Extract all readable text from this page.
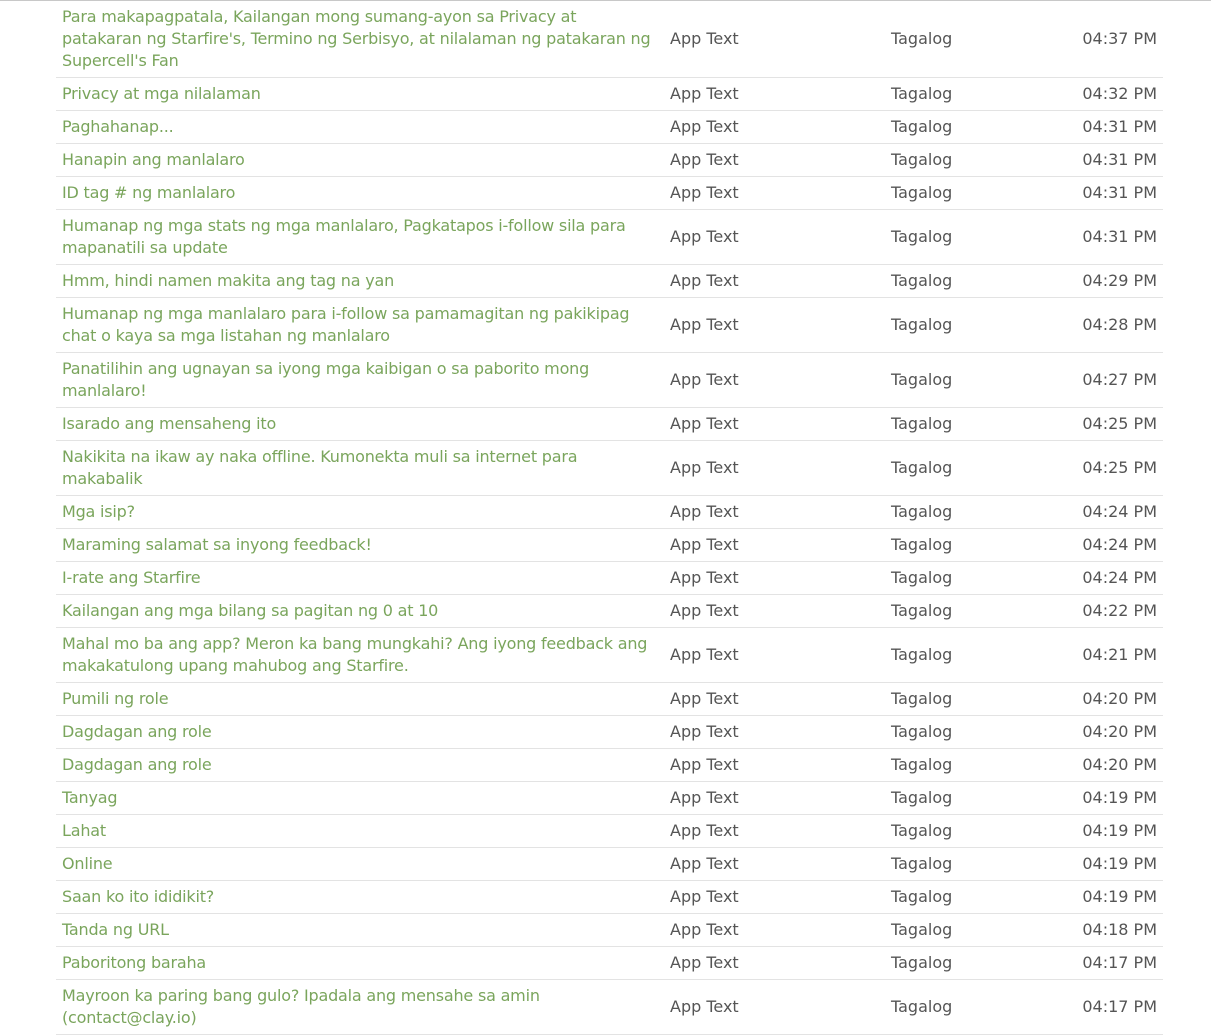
Para makapagpatala, Kailangan mong sumang-ayon sa Privacy at patakaran ng Starfire's, Termino ng Serbisyo, at nilalaman ng patakaran ng Supercell's Fan	App Text	Tagalog	04:37 PM
Privacy at mga nilalaman	App Text	Tagalog	04:32 PM
Paghahanap...	App Text	Tagalog	04:31 PM
Hanapin ang manlalaro	App Text	Tagalog	04:31 PM
ID tag # ng manlalaro	App Text	Tagalog	04:31 PM
Humanap ng mga stats ng mga manlalaro, Pagkatapos i-follow sila para mapanatili sa update	App Text	Tagalog	04:31 PM
Hmm, hindi namen makita ang tag na yan	App Text	Tagalog	04:29 PM
Humanap ng mga manlalaro para i-follow sa pamamagitan ng pakikipag chat o kaya sa mga listahan ng manlalaro	App Text	Tagalog	04:28 PM
Panatilihin ang ugnayan sa iyong mga kaibigan o sa paborito mong manlalaro!	App Text	Tagalog	04:27 PM
Isarado ang mensaheng ito	App Text	Tagalog	04:25 PM
Nakikita na ikaw ay naka offline. Kumonekta muli sa internet para makabalik	App Text	Tagalog	04:25 PM
Mga isip?	App Text	Tagalog	04:24 PM
Maraming salamat sa inyong feedback!	App Text	Tagalog	04:24 PM
I-rate ang Starfire	App Text	Tagalog	04:24 PM
Kailangan ang mga bilang sa pagitan ng 0 at 10	App Text	Tagalog	04:22 PM
Mahal mo ba ang app? Meron ka bang mungkahi? Ang iyong feedback ang makakatulong upang mahubog ang Starfire.	App Text	Tagalog	04:21 PM
Pumili ng role	App Text	Tagalog	04:20 PM
Dagdagan ang role	App Text	Tagalog	04:20 PM
Dagdagan ang role	App Text	Tagalog	04:20 PM
Tanyag	App Text	Tagalog	04:19 PM
Lahat	App Text	Tagalog	04:19 PM
Online	App Text	Tagalog	04:19 PM
Saan ko ito ididikit?	App Text	Tagalog	04:19 PM
Tanda ng URL	App Text	Tagalog	04:18 PM
Paboritong baraha	App Text	Tagalog	04:17 PM
Mayroon ka paring bang gulo? Ipadala ang mensahe sa amin (contact@clay.io)	App Text	Tagalog	04:17 PM
